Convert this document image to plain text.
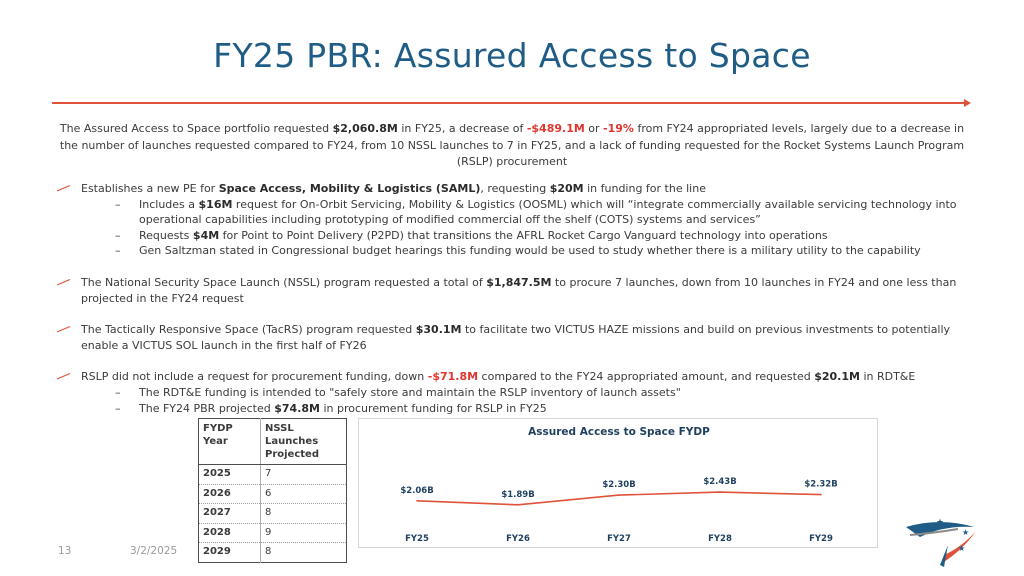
FY25 PBR: Assured Access to Space
The Assured Access to Space portfolio requested $2,060.8M in FY25, a decrease of -$489.1M or -19% from FY24 appropriated levels, largely due to a decrease in the number of launches requested compared to FY24, from 10 NSSL launches to 7 in FY25, and a lack of funding requested for the Rocket Systems Launch Program (RSLP) procurement
Establishes a new PE for Space Access, Mobility & Logistics (SAML), requesting $20M in funding for the line
– Includes a $16M request for On-Orbit Servicing, Mobility & Logistics (OOSML) which will “integrate commercially available servicing technology into operational capabilities including prototyping of modified commercial off the shelf (COTS) systems and services”
– Requests $4M for Point to Point Delivery (P2PD) that transitions the AFRL Rocket Cargo Vanguard technology into operations
– Gen Saltzman stated in Congressional budget hearings this funding would be used to study whether there is a military utility to the capability
The National Security Space Launch (NSSL) program requested a total of $1,847.5M to procure 7 launches, down from 10 launches in FY24 and one less than projected in the FY24 request
The Tactically Responsive Space (TacRS) program requested $30.1M to facilitate two VICTUS HAZE missions and build on previous investments to potentially enable a VICTUS SOL launch in the first half of FY26
RSLP did not include a request for procurement funding, down -$71.8M compared to the FY24 appropriated amount, and requested $20.1M in RDT&E
– The RDT&E funding is intended to "safely store and maintain the RSLP inventory of launch assets"
– The FY24 PBR projected $74.8M in procurement funding for RSLP in FY25
FYDP Year	NSSL Launches Projected
2025	7
2026	6
2027	8
2028	9
2029	8
Assured Access to Space FYDP
$2.06B	$1.89B
$2.30B	$2.43B	$2.32B
FY25	FY26	FY27	FY28	FY29
13	3/2/2025
★
★
★
